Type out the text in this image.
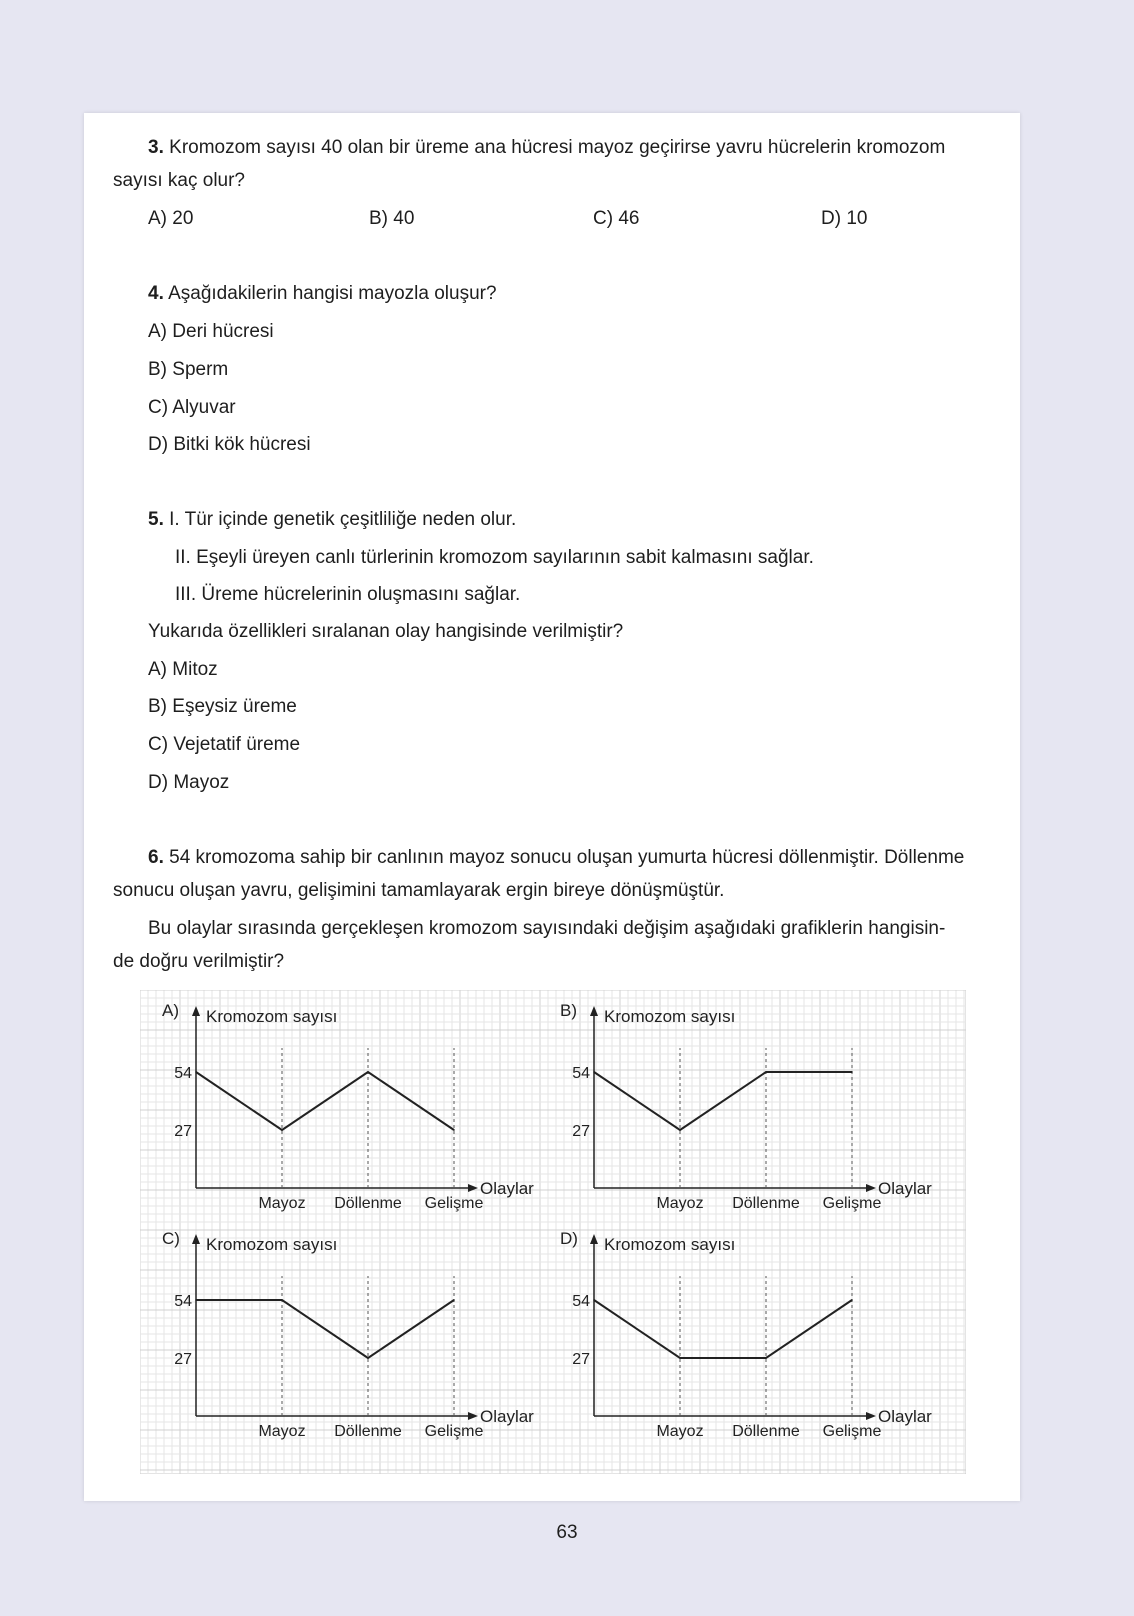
3. Kromozom sayısı 40 olan bir üreme ana hücresi mayoz geçirirse yavru hücrelerin kromozom
sayısı kaç olur?
A) 20	B) 40	C) 46	D) 10
4. Aşağıdakilerin hangisi mayozla oluşur?
A) Deri hücresi
B) Sperm
C) Alyuvar
D) Bitki kök hücresi
5. I. Tür içinde genetik çeşitliliğe neden olur.
II. Eşeyli üreyen canlı türlerinin kromozom sayılarının sabit kalmasını sağlar.
III. Üreme hücrelerinin oluşmasını sağlar.
Yukarıda özellikleri sıralanan olay hangisinde verilmiştir?
A) Mitoz
B) Eşeysiz üreme
C) Vejetatif üreme
D) Mayoz
6. 54 kromozoma sahip bir canlının mayoz sonucu oluşan yumurta hücresi döllenmiştir. Döllenme
sonucu oluşan yavru, gelişimini tamamlayarak ergin bireye dönüşmüştür.
Bu olaylar sırasında gerçekleşen kromozom sayısındaki değişim aşağıdaki grafiklerin hangisin-
de doğru verilmiştir?
A) Kromozom sayısı
Olaylar
54
27
Mayoz Döllenme Gelişme
B) Kromozom sayısı
Olaylar
54
27
Mayoz Döllenme Gelişme
C) Kromozom sayısı
Olaylar
54
27
Mayoz Döllenme Gelişme
D) Kromozom sayısı
Olaylar
54
27
Mayoz Döllenme Gelişme
63
